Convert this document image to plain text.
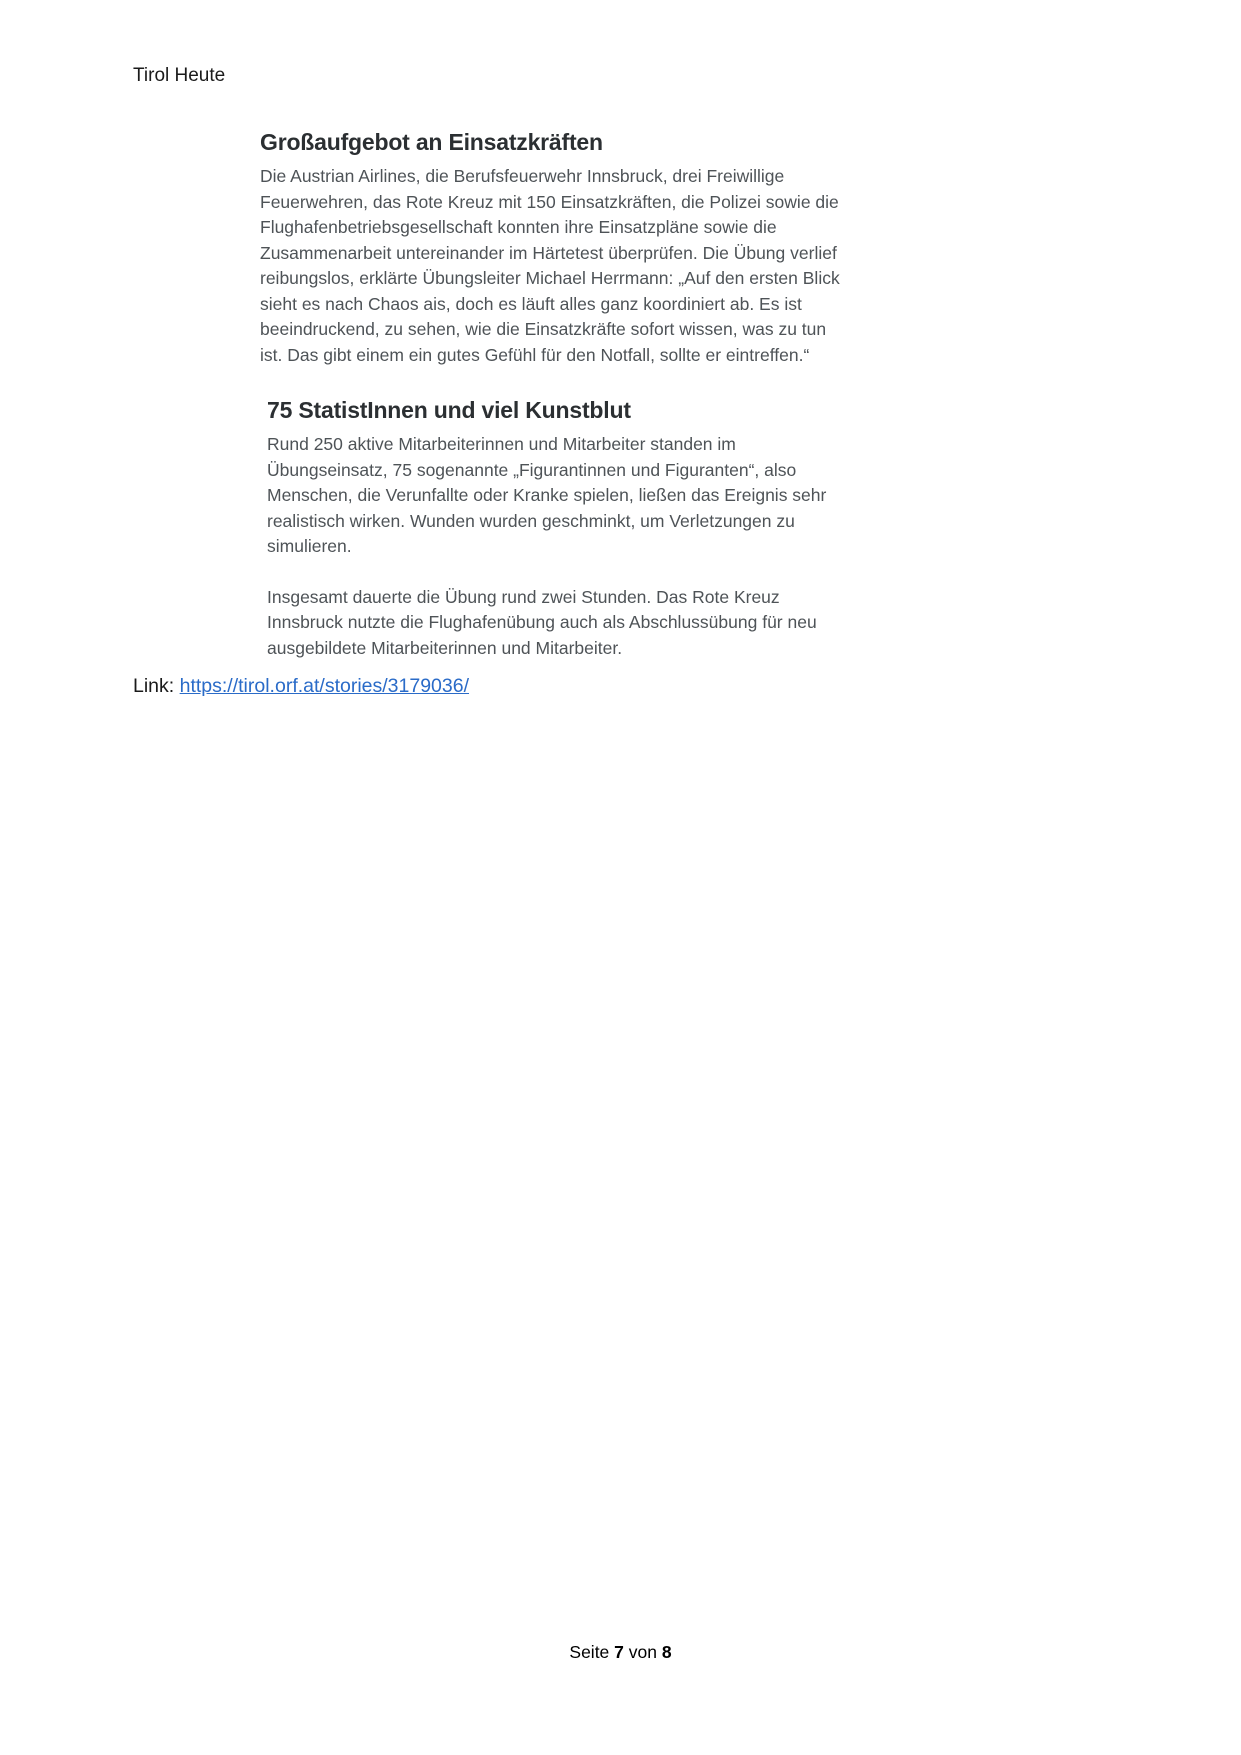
Tirol Heute
Großaufgebot an Einsatzkräften

Die Austrian Airlines, die Berufsfeuerwehr Innsbruck, drei Freiwillige Feuerwehren, das Rote Kreuz mit 150 Einsatzkräften, die Polizei sowie die Flughafenbetriebsgesellschaft konnten ihre Einsatzpläne sowie die Zusammenarbeit untereinander im Härtetest überprüfen. Die Übung verlief reibungslos, erklärte Übungsleiter Michael Herrmann: „Auf den ersten Blick sieht es nach Chaos ais, doch es läuft alles ganz koordiniert ab. Es ist beeindruckend, zu sehen, wie die Einsatzkräfte sofort wissen, was zu tun ist. Das gibt einem ein gutes Gefühl für den Notfall, sollte er eintreffen.“

75 StatistInnen und viel Kunstblut

Rund 250 aktive Mitarbeiterinnen und Mitarbeiter standen im Übungseinsatz, 75 sogenannte „Figurantinnen und Figuranten“, also Menschen, die Verunfallte oder Kranke spielen, ließen das Ereignis sehr realistisch wirken. Wunden wurden geschminkt, um Verletzungen zu simulieren.

Insgesamt dauerte die Übung rund zwei Stunden. Das Rote Kreuz Innsbruck nutzte die Flughafenübung auch als Abschlussübung für neu ausgebildete Mitarbeiterinnen und Mitarbeiter.

Link: https://tirol.orf.at/stories/3179036/
Seite 7 von 8
